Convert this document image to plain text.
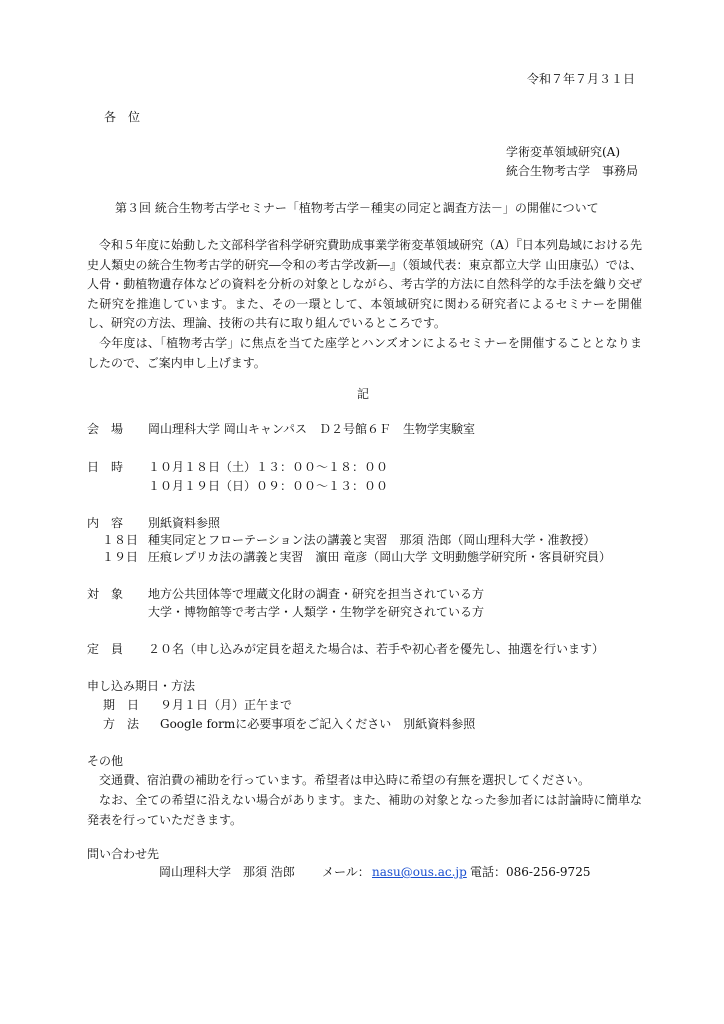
令和７年７月３１日
各　位
学術変革領域研究(A)
統合生物考古学　事務局
第３回 統合生物考古学セミナー「植物考古学－種実の同定と調査方法－」の開催について
令和５年度に始動した文部科学省科学研究費助成事業学術変革領域研究（A）『日本列島域における先史人類史の統合生物考古学的研究―令和の考古学改新―』（領域代表：東京都立大学 山田康弘）では、人骨・動植物遺存体などの資料を分析の対象としながら、考古学的方法に自然科学的な手法を織り交ぜた研究を推進しています。また、その一環として、本領域研究に関わる研究者によるセミナーを開催し、研究の方法、理論、技術の共有に取り組んでいるところです。
今年度は、「植物考古学」に焦点を当てた座学とハンズオンによるセミナーを開催することとなりましたので、ご案内申し上げます。
記
会　場 岡山理科大学 岡山キャンパス　Ｄ２号館６Ｆ　生物学実験室
日　時 １０月１８日（土）１３：００～１８：００
１０月１９日（日）０９：００～１３：００
内　容 別紙資料参照
１８日 種実同定とフローテーション法の講義と実習　那須 浩郎（岡山理科大学・准教授）
１９日 圧痕レプリカ法の講義と実習　濵田 竜彦（岡山大学 文明動態学研究所・客員研究員）
対　象 地方公共団体等で埋蔵文化財の調査・研究を担当されている方
大学・博物館等で考古学・人類学・生物学を研究されている方
定　員 ２０名（申し込みが定員を超えた場合は、若手や初心者を優先し、抽選を行います）
申し込み期日・方法
期　日 ９月１日（月）正午まで
方　法 Google formに必要事項をご記入ください　別紙資料参照
その他
交通費、宿泊費の補助を行っています。希望者は申込時に希望の有無を選択してください。
なお、全ての希望に沿えない場合があります。また、補助の対象となった参加者には討論時に簡単な発表を行っていただきます。
問い合わせ先
岡山理科大学　那須 浩郎 メール： nasu@ous.ac.jp 電話：086-256-9725
